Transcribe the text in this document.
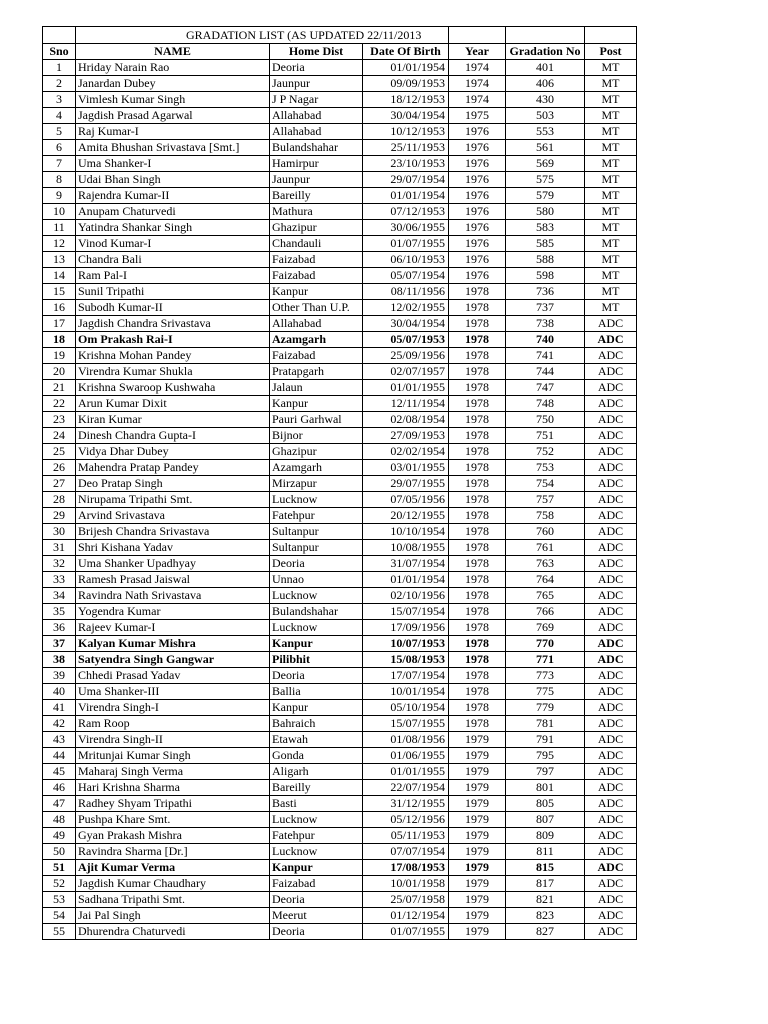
	GRADATION LIST (AS UPDATED 22/11/2013					
Sno	NAME	Home Dist	Date Of Birth	Year	Gradation No	Post
1	Hriday Narain Rao	Deoria	01/01/1954	1974	401	MT
2	Janardan Dubey	Jaunpur	09/09/1953	1974	406	MT
3	Vimlesh Kumar Singh	J P Nagar	18/12/1953	1974	430	MT
4	Jagdish Prasad Agarwal	Allahabad	30/04/1954	1975	503	MT
5	Raj Kumar-I	Allahabad	10/12/1953	1976	553	MT
6	Amita Bhushan Srivastava [Smt.]	Bulandshahar	25/11/1953	1976	561	MT
7	Uma Shanker-I	Hamirpur	23/10/1953	1976	569	MT
8	Udai Bhan Singh	Jaunpur	29/07/1954	1976	575	MT
9	Rajendra Kumar-II	Bareilly	01/01/1954	1976	579	MT
10	Anupam Chaturvedi	Mathura	07/12/1953	1976	580	MT
11	Yatindra Shankar Singh	Ghazipur	30/06/1955	1976	583	MT
12	Vinod Kumar-I	Chandauli	01/07/1955	1976	585	MT
13	Chandra Bali	Faizabad	06/10/1953	1976	588	MT
14	Ram Pal-I	Faizabad	05/07/1954	1976	598	MT
15	Sunil Tripathi	Kanpur	08/11/1956	1978	736	MT
16	Subodh Kumar-II	Other Than U.P.	12/02/1955	1978	737	MT
17	Jagdish Chandra Srivastava	Allahabad	30/04/1954	1978	738	ADC
18	Om Prakash Rai-I	Azamgarh	05/07/1953	1978	740	ADC
19	Krishna Mohan Pandey	Faizabad	25/09/1956	1978	741	ADC
20	Virendra Kumar Shukla	Pratapgarh	02/07/1957	1978	744	ADC
21	Krishna Swaroop Kushwaha	Jalaun	01/01/1955	1978	747	ADC
22	Arun Kumar Dixit	Kanpur	12/11/1954	1978	748	ADC
23	Kiran Kumar	Pauri Garhwal	02/08/1954	1978	750	ADC
24	Dinesh Chandra Gupta-I	Bijnor	27/09/1953	1978	751	ADC
25	Vidya Dhar Dubey	Ghazipur	02/02/1954	1978	752	ADC
26	Mahendra Pratap Pandey	Azamgarh	03/01/1955	1978	753	ADC
27	Deo Pratap Singh	Mirzapur	29/07/1955	1978	754	ADC
28	Nirupama Tripathi Smt.	Lucknow	07/05/1956	1978	757	ADC
29	Arvind Srivastava	Fatehpur	20/12/1955	1978	758	ADC
30	Brijesh Chandra Srivastava	Sultanpur	10/10/1954	1978	760	ADC
31	Shri Kishana Yadav	Sultanpur	10/08/1955	1978	761	ADC
32	Uma Shanker Upadhyay	Deoria	31/07/1954	1978	763	ADC
33	Ramesh Prasad Jaiswal	Unnao	01/01/1954	1978	764	ADC
34	Ravindra Nath Srivastava	Lucknow	02/10/1956	1978	765	ADC
35	Yogendra Kumar	Bulandshahar	15/07/1954	1978	766	ADC
36	Rajeev Kumar-I	Lucknow	17/09/1956	1978	769	ADC
37	Kalyan Kumar Mishra	Kanpur	10/07/1953	1978	770	ADC
38	Satyendra Singh Gangwar	Pilibhit	15/08/1953	1978	771	ADC
39	Chhedi Prasad Yadav	Deoria	17/07/1954	1978	773	ADC
40	Uma Shanker-III	Ballia	10/01/1954	1978	775	ADC
41	Virendra Singh-I	Kanpur	05/10/1954	1978	779	ADC
42	Ram Roop	Bahraich	15/07/1955	1978	781	ADC
43	Virendra Singh-II	Etawah	01/08/1956	1979	791	ADC
44	Mritunjai Kumar Singh	Gonda	01/06/1955	1979	795	ADC
45	Maharaj Singh Verma	Aligarh	01/01/1955	1979	797	ADC
46	Hari Krishna Sharma	Bareilly	22/07/1954	1979	801	ADC
47	Radhey Shyam Tripathi	Basti	31/12/1955	1979	805	ADC
48	Pushpa Khare Smt.	Lucknow	05/12/1956	1979	807	ADC
49	Gyan Prakash Mishra	Fatehpur	05/11/1953	1979	809	ADC
50	Ravindra Sharma [Dr.]	Lucknow	07/07/1954	1979	811	ADC
51	Ajit Kumar Verma	Kanpur	17/08/1953	1979	815	ADC
52	Jagdish Kumar Chaudhary	Faizabad	10/01/1958	1979	817	ADC
53	Sadhana Tripathi Smt.	Deoria	25/07/1958	1979	821	ADC
54	Jai Pal Singh	Meerut	01/12/1954	1979	823	ADC
55	Dhurendra Chaturvedi	Deoria	01/07/1955	1979	827	ADC
